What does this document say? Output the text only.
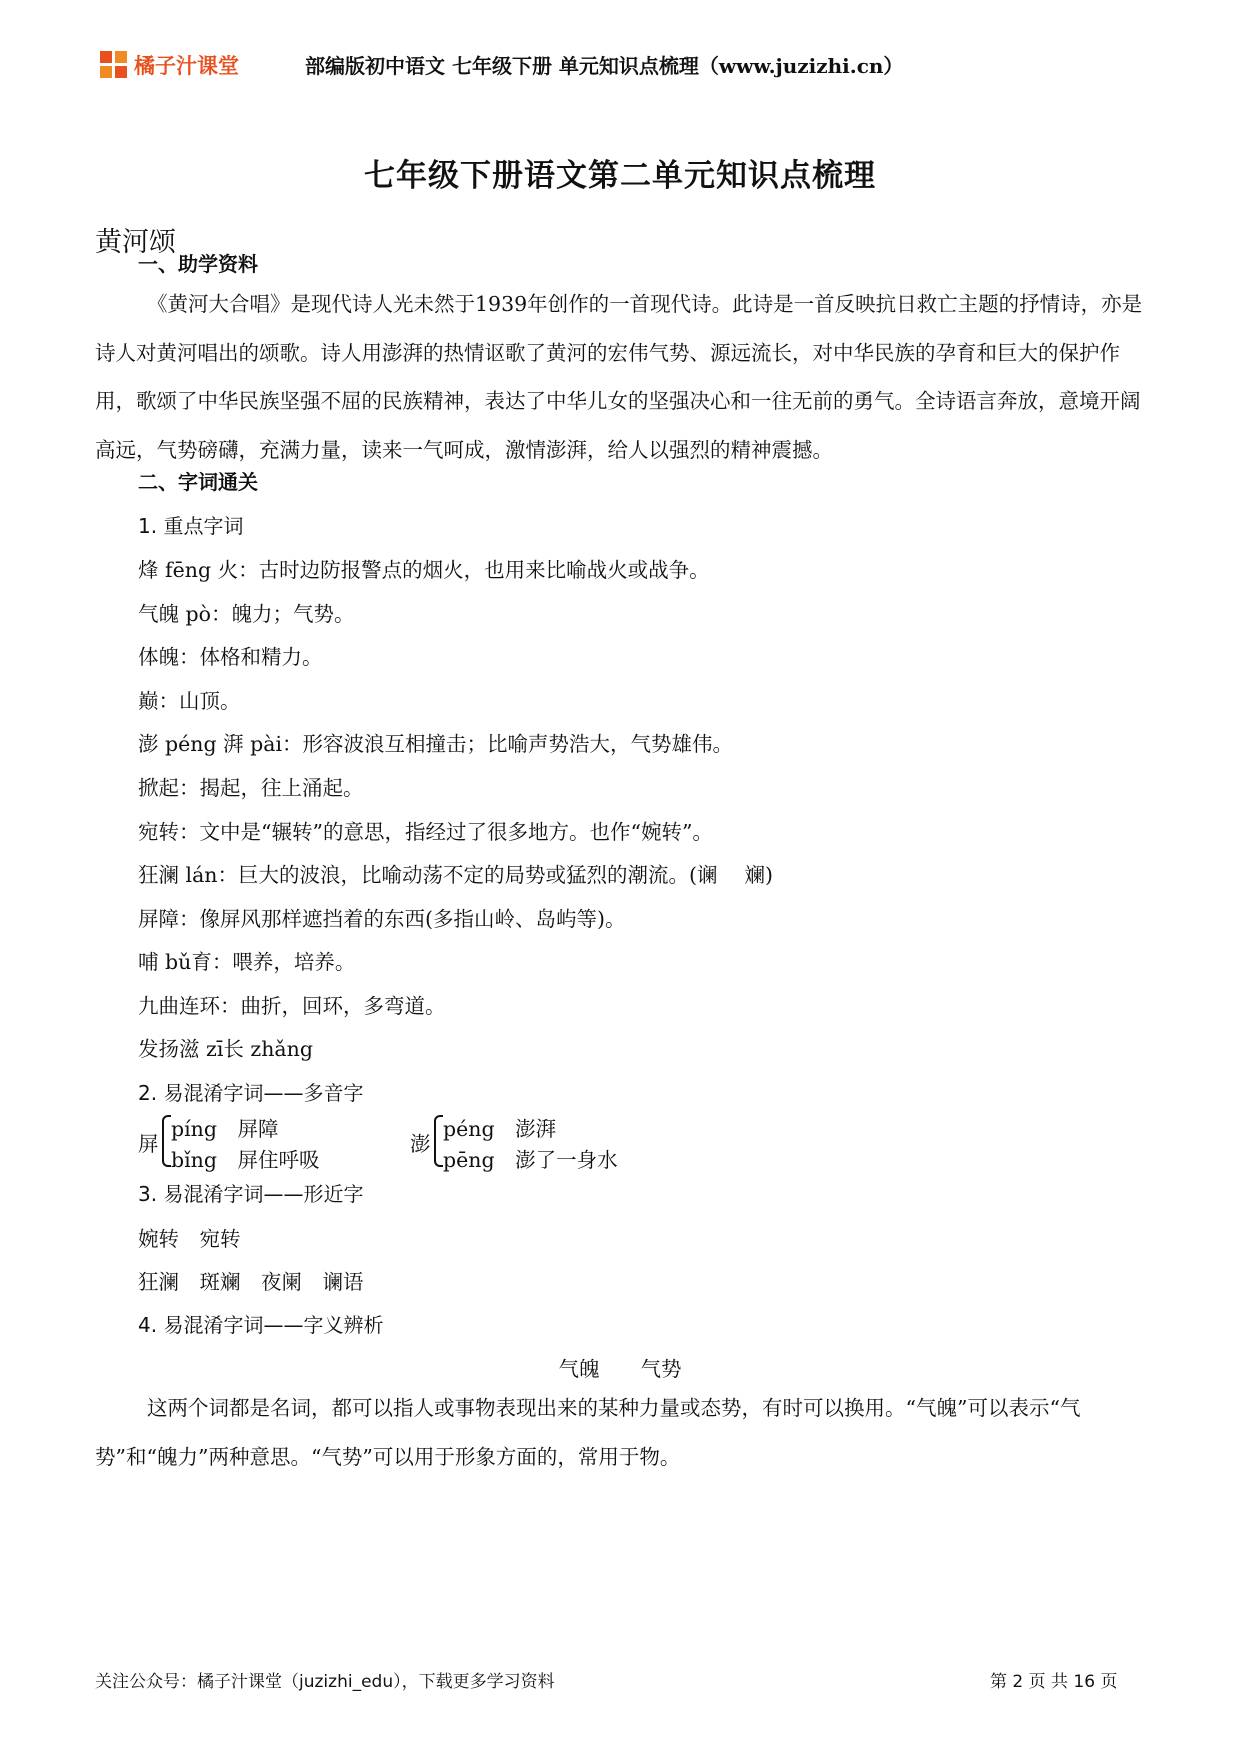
橘子汁课堂	部编版初中语文 七年级下册 单元知识点梳理（www.juzizhi.cn）
七年级下册语文第二单元知识点梳理
黄河颂
一、助学资料
《黄河大合唱》是现代诗人光未然于1939年创作的一首现代诗。此诗是一首反映抗日救亡主题的抒情诗，亦是诗人对黄河唱出的颂歌。诗人用澎湃的热情讴歌了黄河的宏伟气势、源远流长，对中华民族的孕育和巨大的保护作用，歌颂了中华民族坚强不屈的民族精神，表达了中华儿女的坚强决心和一往无前的勇气。全诗语言奔放，意境开阔高远，气势磅礴，充满力量，读来一气呵成，激情澎湃，给人以强烈的精神震撼。
二、字词通关
1. 重点字词
烽 fēng 火：古时边防报警点的烟火，也用来比喻战火或战争。
气魄 pò：魄力；气势。
体魄：体格和精力。
巅：山顶。
澎 péng 湃 pài：形容波浪互相撞击；比喻声势浩大，气势雄伟。
掀起：揭起，往上涌起。
宛转：文中是“辗转”的意思，指经过了很多地方。也作“婉转”。
狂澜 lán：巨大的波浪，比喻动荡不定的局势或猛烈的潮流。(谰　 斓)
屏障：像屏风那样遮挡着的东西(多指山岭、岛屿等)。
哺 bǔ育：喂养，培养。
九曲连环：曲折，回环，多弯道。
发扬滋 zī长 zhǎng
2. 易混淆字词——多音字
屏
píng　屏障
bǐng　屏住呼吸
澎
péng　澎湃
pēng　澎了一身水
3. 易混淆字词——形近字
婉转　宛转
狂澜　斑斓　夜阑　谰语
4. 易混淆字词——字义辨析
气魄　　气势
这两个词都是名词，都可以指人或事物表现出来的某种力量或态势，有时可以换用。“气魄”可以表示“气势”和“魄力”两种意思。“气势”可以用于形象方面的，常用于物。
关注公众号：橘子汁课堂（juzizhi_edu），下载更多学习资料	第 2 页 共 16 页
